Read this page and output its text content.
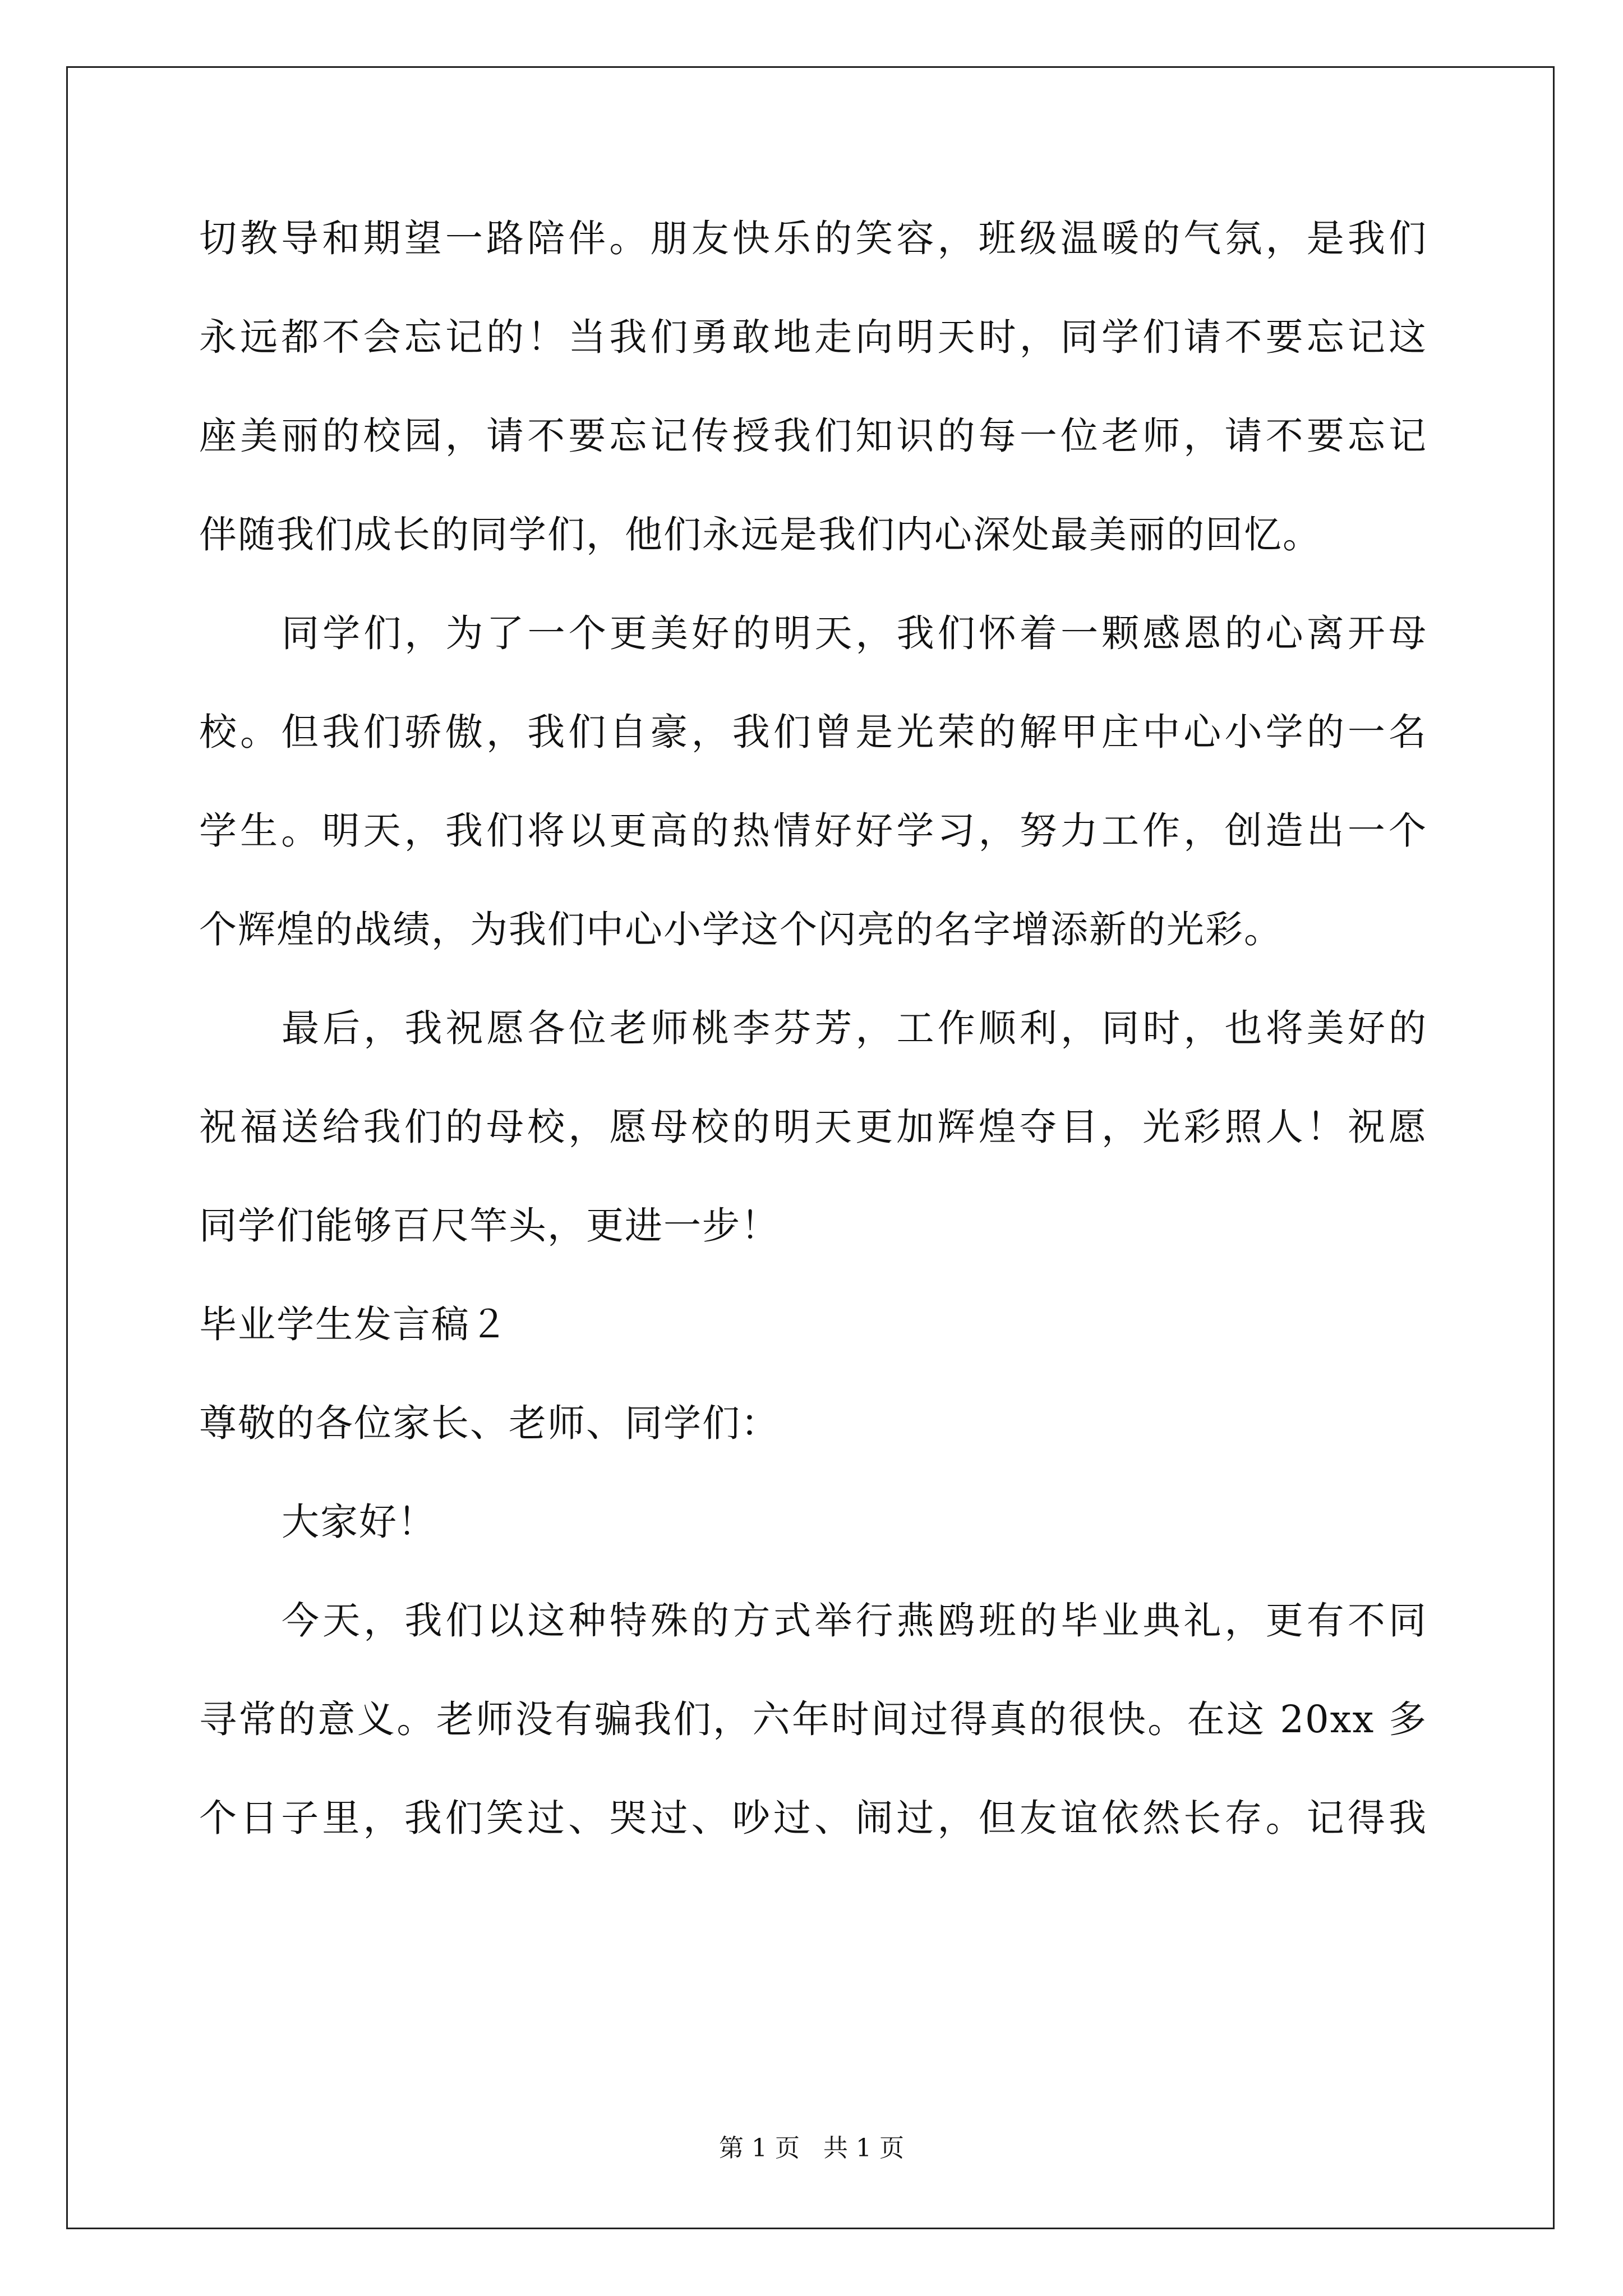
切教导和期望一路陪伴。朋友快乐的笑容，班级温暖的气氛，是我们
永远都不会忘记的！当我们勇敢地走向明天时，同学们请不要忘记这
座美丽的校园，请不要忘记传授我们知识的每一位老师，请不要忘记
伴随我们成长的同学们，他们永远是我们内心深处最美丽的回忆。
同学们，为了一个更美好的明天，我们怀着一颗感恩的心离开母
校。但我们骄傲，我们自豪，我们曾是光荣的解甲庄中心小学的一名
学生。明天，我们将以更高的热情好好学习，努力工作，创造出一个
个辉煌的战绩，为我们中心小学这个闪亮的名字增添新的光彩。
最后，我祝愿各位老师桃李芬芳，工作顺利，同时，也将美好的
祝福送给我们的母校，愿母校的明天更加辉煌夺目，光彩照人！祝愿
同学们能够百尺竿头，更进一步！
毕业学生发言稿２
尊敬的各位家长、老师、同学们：
大家好！
今天，我们以这种特殊的方式举行燕鸥班的毕业典礼，更有不同
寻常的意义。老师没有骗我们，六年时间过得真的很快。在这 20xx 多
个日子里，我们笑过、哭过、吵过、闹过，但友谊依然长存。记得我
第 1 页   共 1 页
